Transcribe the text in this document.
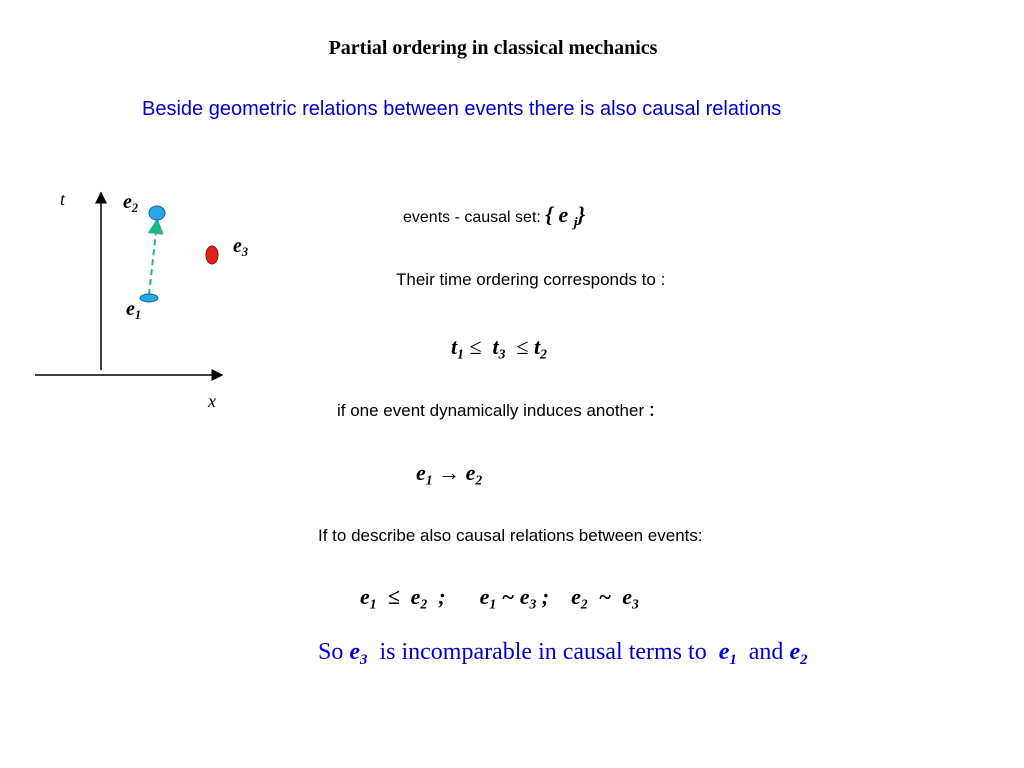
Partial ordering in classical mechanics
Beside geometric relations between events there is also causal relations
t
x
$e_2$
$e_3$
$e_1$
events - causal set: { e $_j$}
Their time ordering corresponds to :
$t_1 \le t_3 \le t_2$
if one event dynamically induces another :
$e_1 \to e_2$
If to describe also causal relations between events:
$e_1 \le e_2$  ; $e_1$ ~ $e_3$ ; $e_2$  ~  $e_3$
So $e_3$  is incomparable in causal terms to  $e_1$  and $e_2$
